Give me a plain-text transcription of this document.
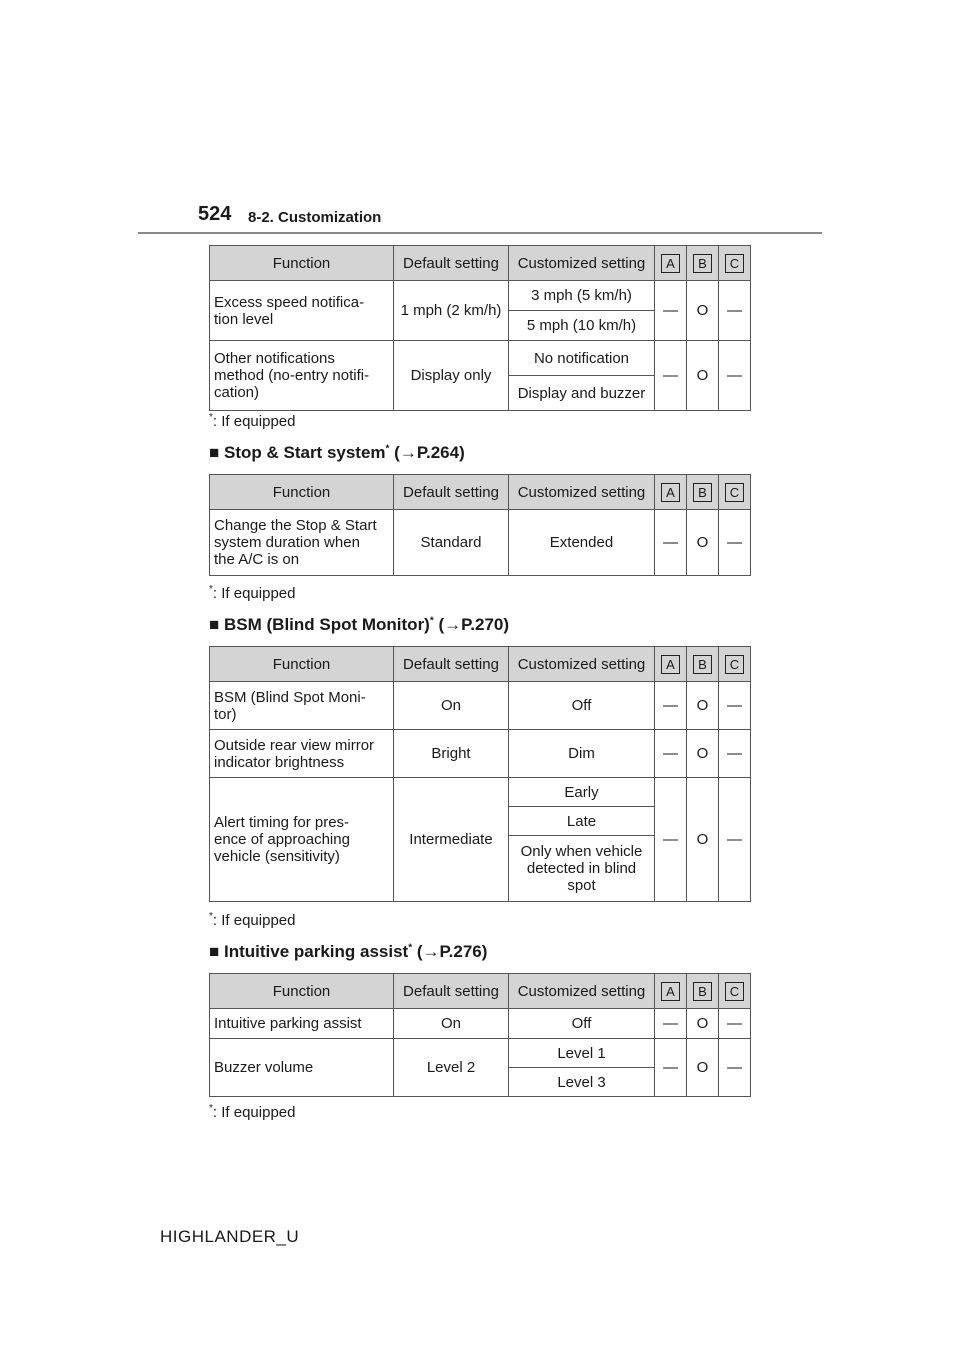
524 8-2. Customization
Function	Default setting	Customized setting	A	B	C
Excess speed notifica-
tion level	1 mph (2 km/h)	3 mph (5 km/h)	—	O	—
		5 mph (10 km/h)			
Other notifications
method (no-entry notifi-
cation)	Display only	No notification	—	O	—
		Display and buzzer			
*: If equipped
■ Stop & Start system* (→P.264)
Function	Default setting	Customized setting	A	B	C
Change the Stop & Start
system duration when
the A/C is on	Standard	Extended	—	O	—
*: If equipped
■ BSM (Blind Spot Monitor)* (→P.270)
Function	Default setting	Customized setting	A	B	C
BSM (Blind Spot Moni-
tor)	On	Off	—	O	—
Outside rear view mirror
indicator brightness	Bright	Dim	—	O	—
Alert timing for pres-
ence of approaching
vehicle (sensitivity)	Intermediate	Early	—	O	—
		Late			
		Only when vehicle
detected in blind
spot			
*: If equipped
■ Intuitive parking assist* (→P.276)
Function	Default setting	Customized setting	A	B	C
Intuitive parking assist	On	Off	—	O	—
Buzzer volume	Level 2	Level 1	—	O	—
		Level 3			
*: If equipped
HIGHLANDER_U
